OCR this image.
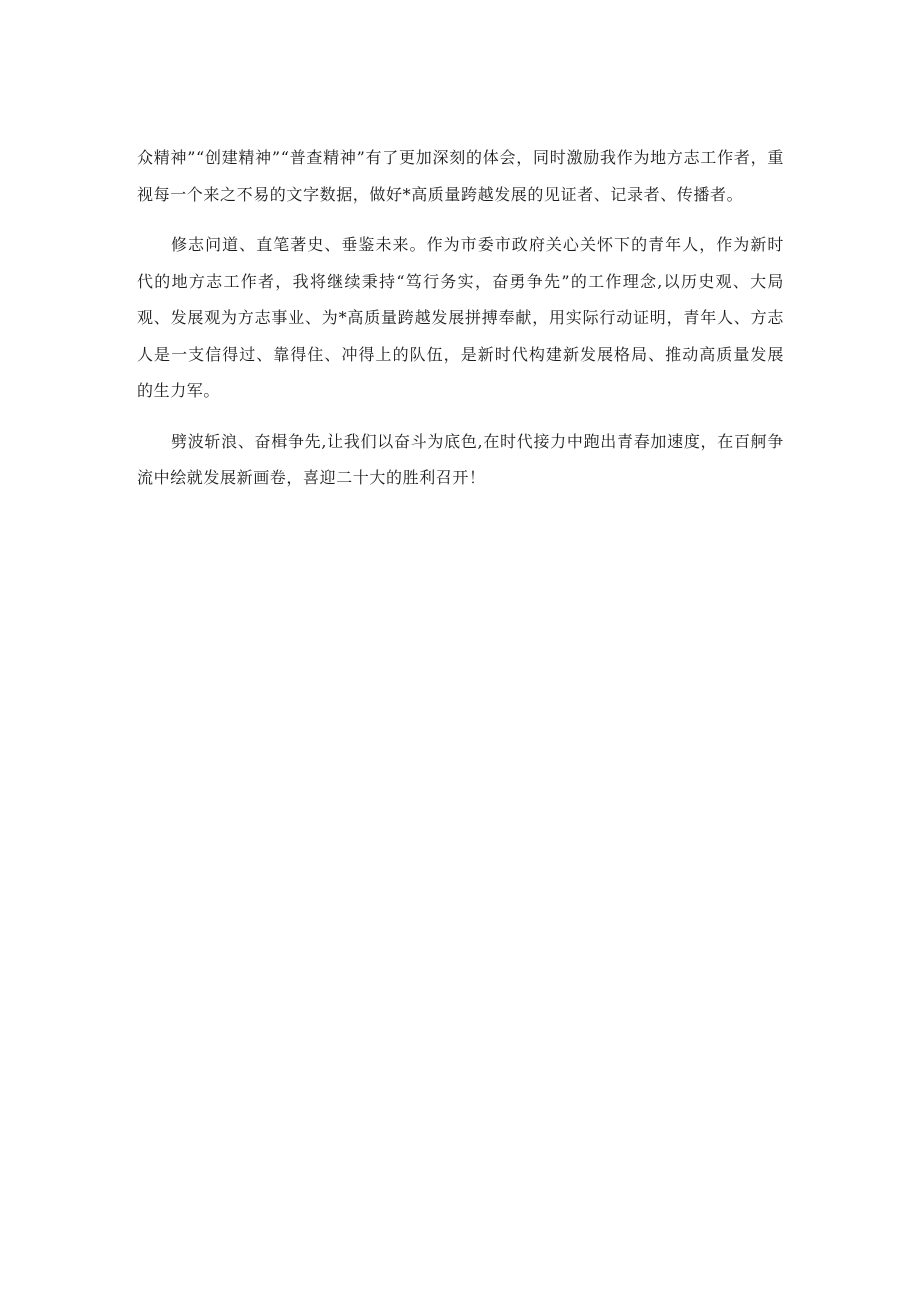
众精神”“创建精神”“普查精神”有了更加深刻的体会，同时激励我作为地方志工作者，重视每一个来之不易的文字数据，做好*高质量跨越发展的见证者、记录者、传播者。

修志问道、直笔著史、垂鉴未来。作为市委市政府关心关怀下的青年人，作为新时代的地方志工作者，我将继续秉持“笃行务实，奋勇争先”的工作理念,以历史观、大局观、发展观为方志事业、为*高质量跨越发展拼搏奉献，用实际行动证明，青年人、方志人是一支信得过、靠得住、冲得上的队伍，是新时代构建新发展格局、推动高质量发展的生力军。

劈波斩浪、奋楫争先,让我们以奋斗为底色,在时代接力中跑出青春加速度，在百舸争流中绘就发展新画卷，喜迎二十大的胜利召开！
